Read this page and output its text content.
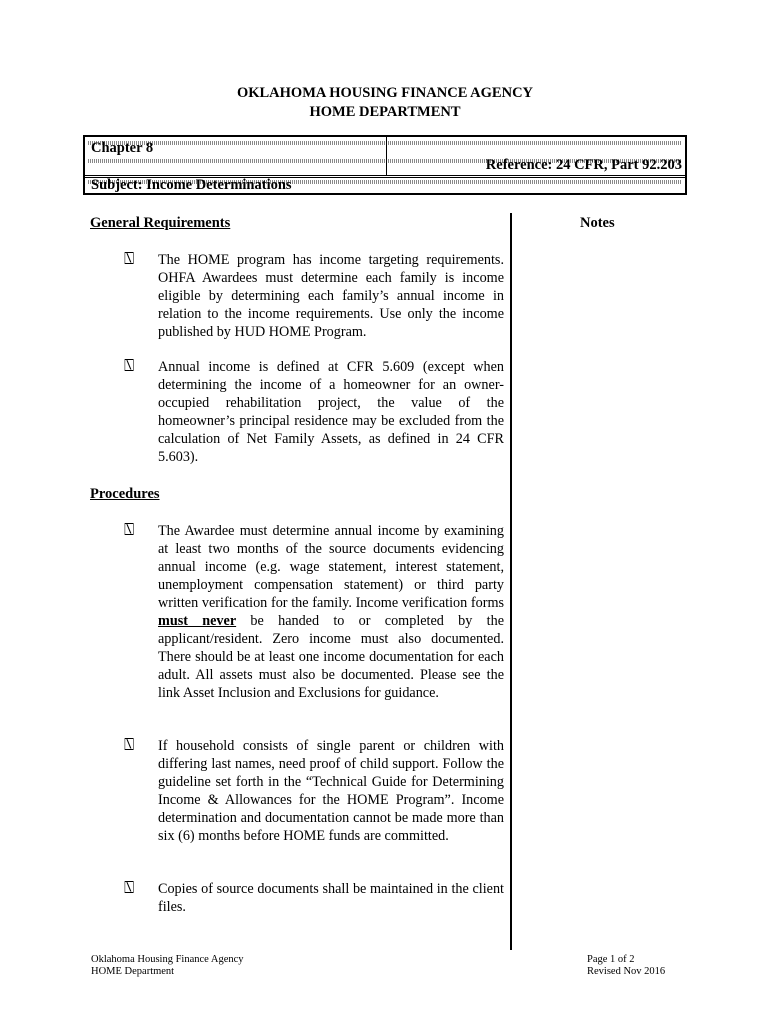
OKLAHOMA HOUSING FINANCE AGENCY
HOME DEPARTMENT
Chapter 8
Reference: 24 CFR, Part 92.203
Subject: Income Determinations
General Requirements	Notes
⍂ The HOME program has income targeting requirements. OHFA Awardees must determine each family is income eligible by determining each family’s annual income in relation to the income requirements. Use only the income published by HUD HOME Program.
⍂ Annual income is defined at CFR 5.609 (except when determining the income of a homeowner for an owner-occupied rehabilitation project, the value of the homeowner’s principal residence may be excluded from the calculation of Net Family Assets, as defined in 24 CFR 5.603).
Procedures
⍂ The Awardee must determine annual income by examining at least two months of the source documents evidencing annual income (e.g. wage statement, interest statement, unemployment compensation statement) or third party written verification for the family. Income verification forms must never be handed to or completed by the applicant/resident. Zero income must also documented. There should be at least one income documentation for each adult. All assets must also be documented. Please see the link Asset Inclusion and Exclusions for guidance.
⍂ If household consists of single parent or children with differing last names, need proof of child support. Follow the guideline set forth in the “Technical Guide for Determining Income & Allowances for the HOME Program”. Income determination and documentation cannot be made more than six (6) months before HOME funds are committed.
⍂ Copies of source documents shall be maintained in the client files.
Oklahoma Housing Finance Agency
HOME Department
Page 1 of 2
Revised Nov 2016
